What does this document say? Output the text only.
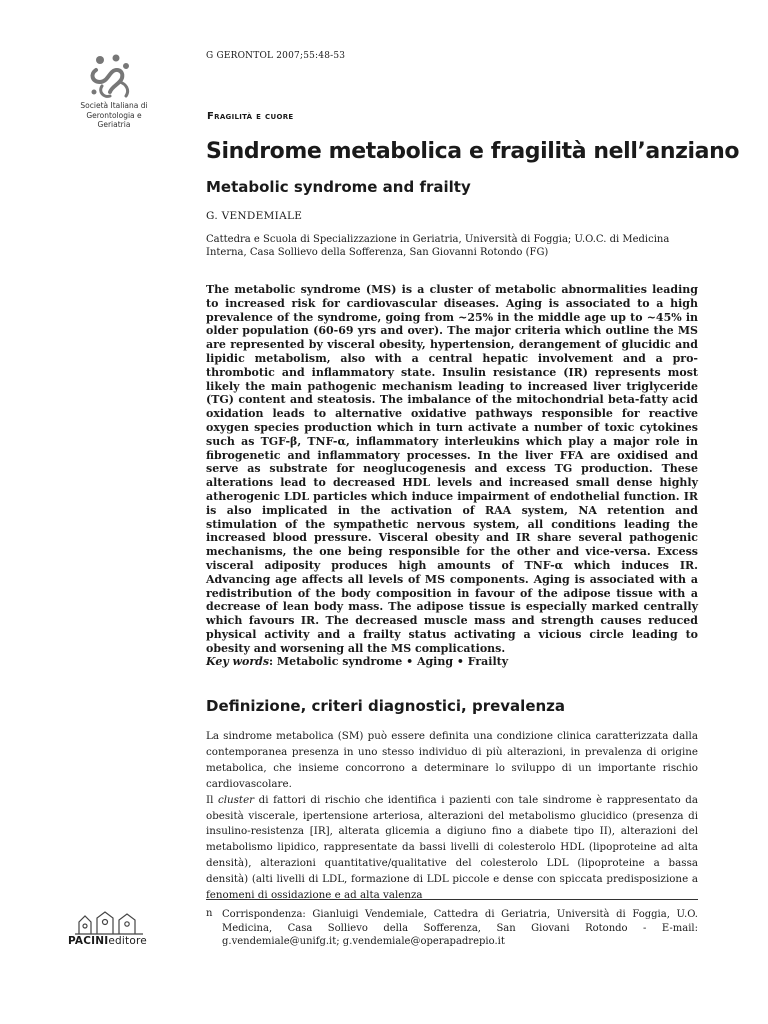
Società Italiana di
Gerontologia e
Geriatria
G GERONTOL 2007;55:48-53
Fragilità e cuore
Sindrome metabolica e fragilità nell’anziano
Metabolic syndrome and frailty
G. VENDEMIALE
Cattedra e Scuola di Specializzazione in Geriatria, Università di Foggia; U.O.C. di Medicina Interna, Casa Sollievo della Sofferenza, San Giovanni Rotondo (FG)
The metabolic syndrome (MS) is a cluster of metabolic abnormalities leading to increased risk for cardiovascular diseases. Aging is associated to a high prevalence of the syndrome, going from ~25% in the middle age up to ~45% in older population (60-69 yrs and over). The major criteria which outline the MS are represented by visceral obesity, hypertension, derangement of glucidic and lipidic metabolism, also with a central hepatic involvement and a pro-thrombotic and inflammatory state. Insulin resistance (IR) represents most likely the main pathogenic mechanism leading to increased liver triglyceride (TG) content and steatosis. The imbalance of the mitochondrial beta-fatty acid oxidation leads to alternative oxidative pathways responsible for reactive oxygen species production which in turn activate a number of toxic cytokines such as TGF-β, TNF-α, inflammatory interleukins which play a major role in fibrogenetic and inflammatory processes. In the liver FFA are oxidised and serve as substrate for neoglucogenesis and excess TG production. These alterations lead to decreased HDL levels and increased small dense highly atherogenic LDL particles which induce impairment of endothelial function. IR is also implicated in the activation of RAA system, NA retention and stimulation of the sympathetic nervous system, all conditions leading the increased blood pressure. Visceral obesity and IR share several pathogenic mechanisms, the one being responsible for the other and vice-versa. Excess visceral adiposity produces high amounts of TNF-α which induces IR. Advancing age affects all levels of MS components. Aging is associated with a redistribution of the body composition in favour of the adipose tissue with a decrease of lean body mass. The adipose tissue is especially marked centrally which favours IR. The decreased muscle mass and strength causes reduced physical activity and a frailty status activating a vicious circle leading to obesity and worsening all the MS complications.
Key words: Metabolic syndrome • Aging • Frailty
Definizione, criteri diagnostici, prevalenza
La sindrome metabolica (SM) può essere definita una condizione clinica caratterizzata dalla contemporanea presenza in uno stesso individuo di più alterazioni, in prevalenza di origine metabolica, che insieme concorrono a determinare lo sviluppo di un importante rischio cardiovascolare.
Il cluster di fattori di rischio che identifica i pazienti con tale sindrome è rappresentato da obesità viscerale, ipertensione arteriosa, alterazioni del metabolismo glucidico (presenza di insulino-resistenza [IR], alterata glicemia a digiuno fino a diabete tipo II), alterazioni del metabolismo lipidico, rappresentate da bassi livelli di colesterolo HDL (lipoproteine ad alta densità), alterazioni quantitative/qualitative del colesterolo LDL (lipoproteine a bassa densità) (alti livelli di LDL, formazione di LDL piccole e dense con spiccata predisposizione a fenomeni di ossidazione e ad alta valenza
n Corrispondenza: Gianluigi Vendemiale, Cattedra di Geriatria, Università di Foggia, U.O. Medicina, Casa Sollievo della Sofferenza, San Giovani Rotondo - E-mail: g.vendemiale@unifg.it; g.vendemiale@operapadrepio.it
PACINIeditore
